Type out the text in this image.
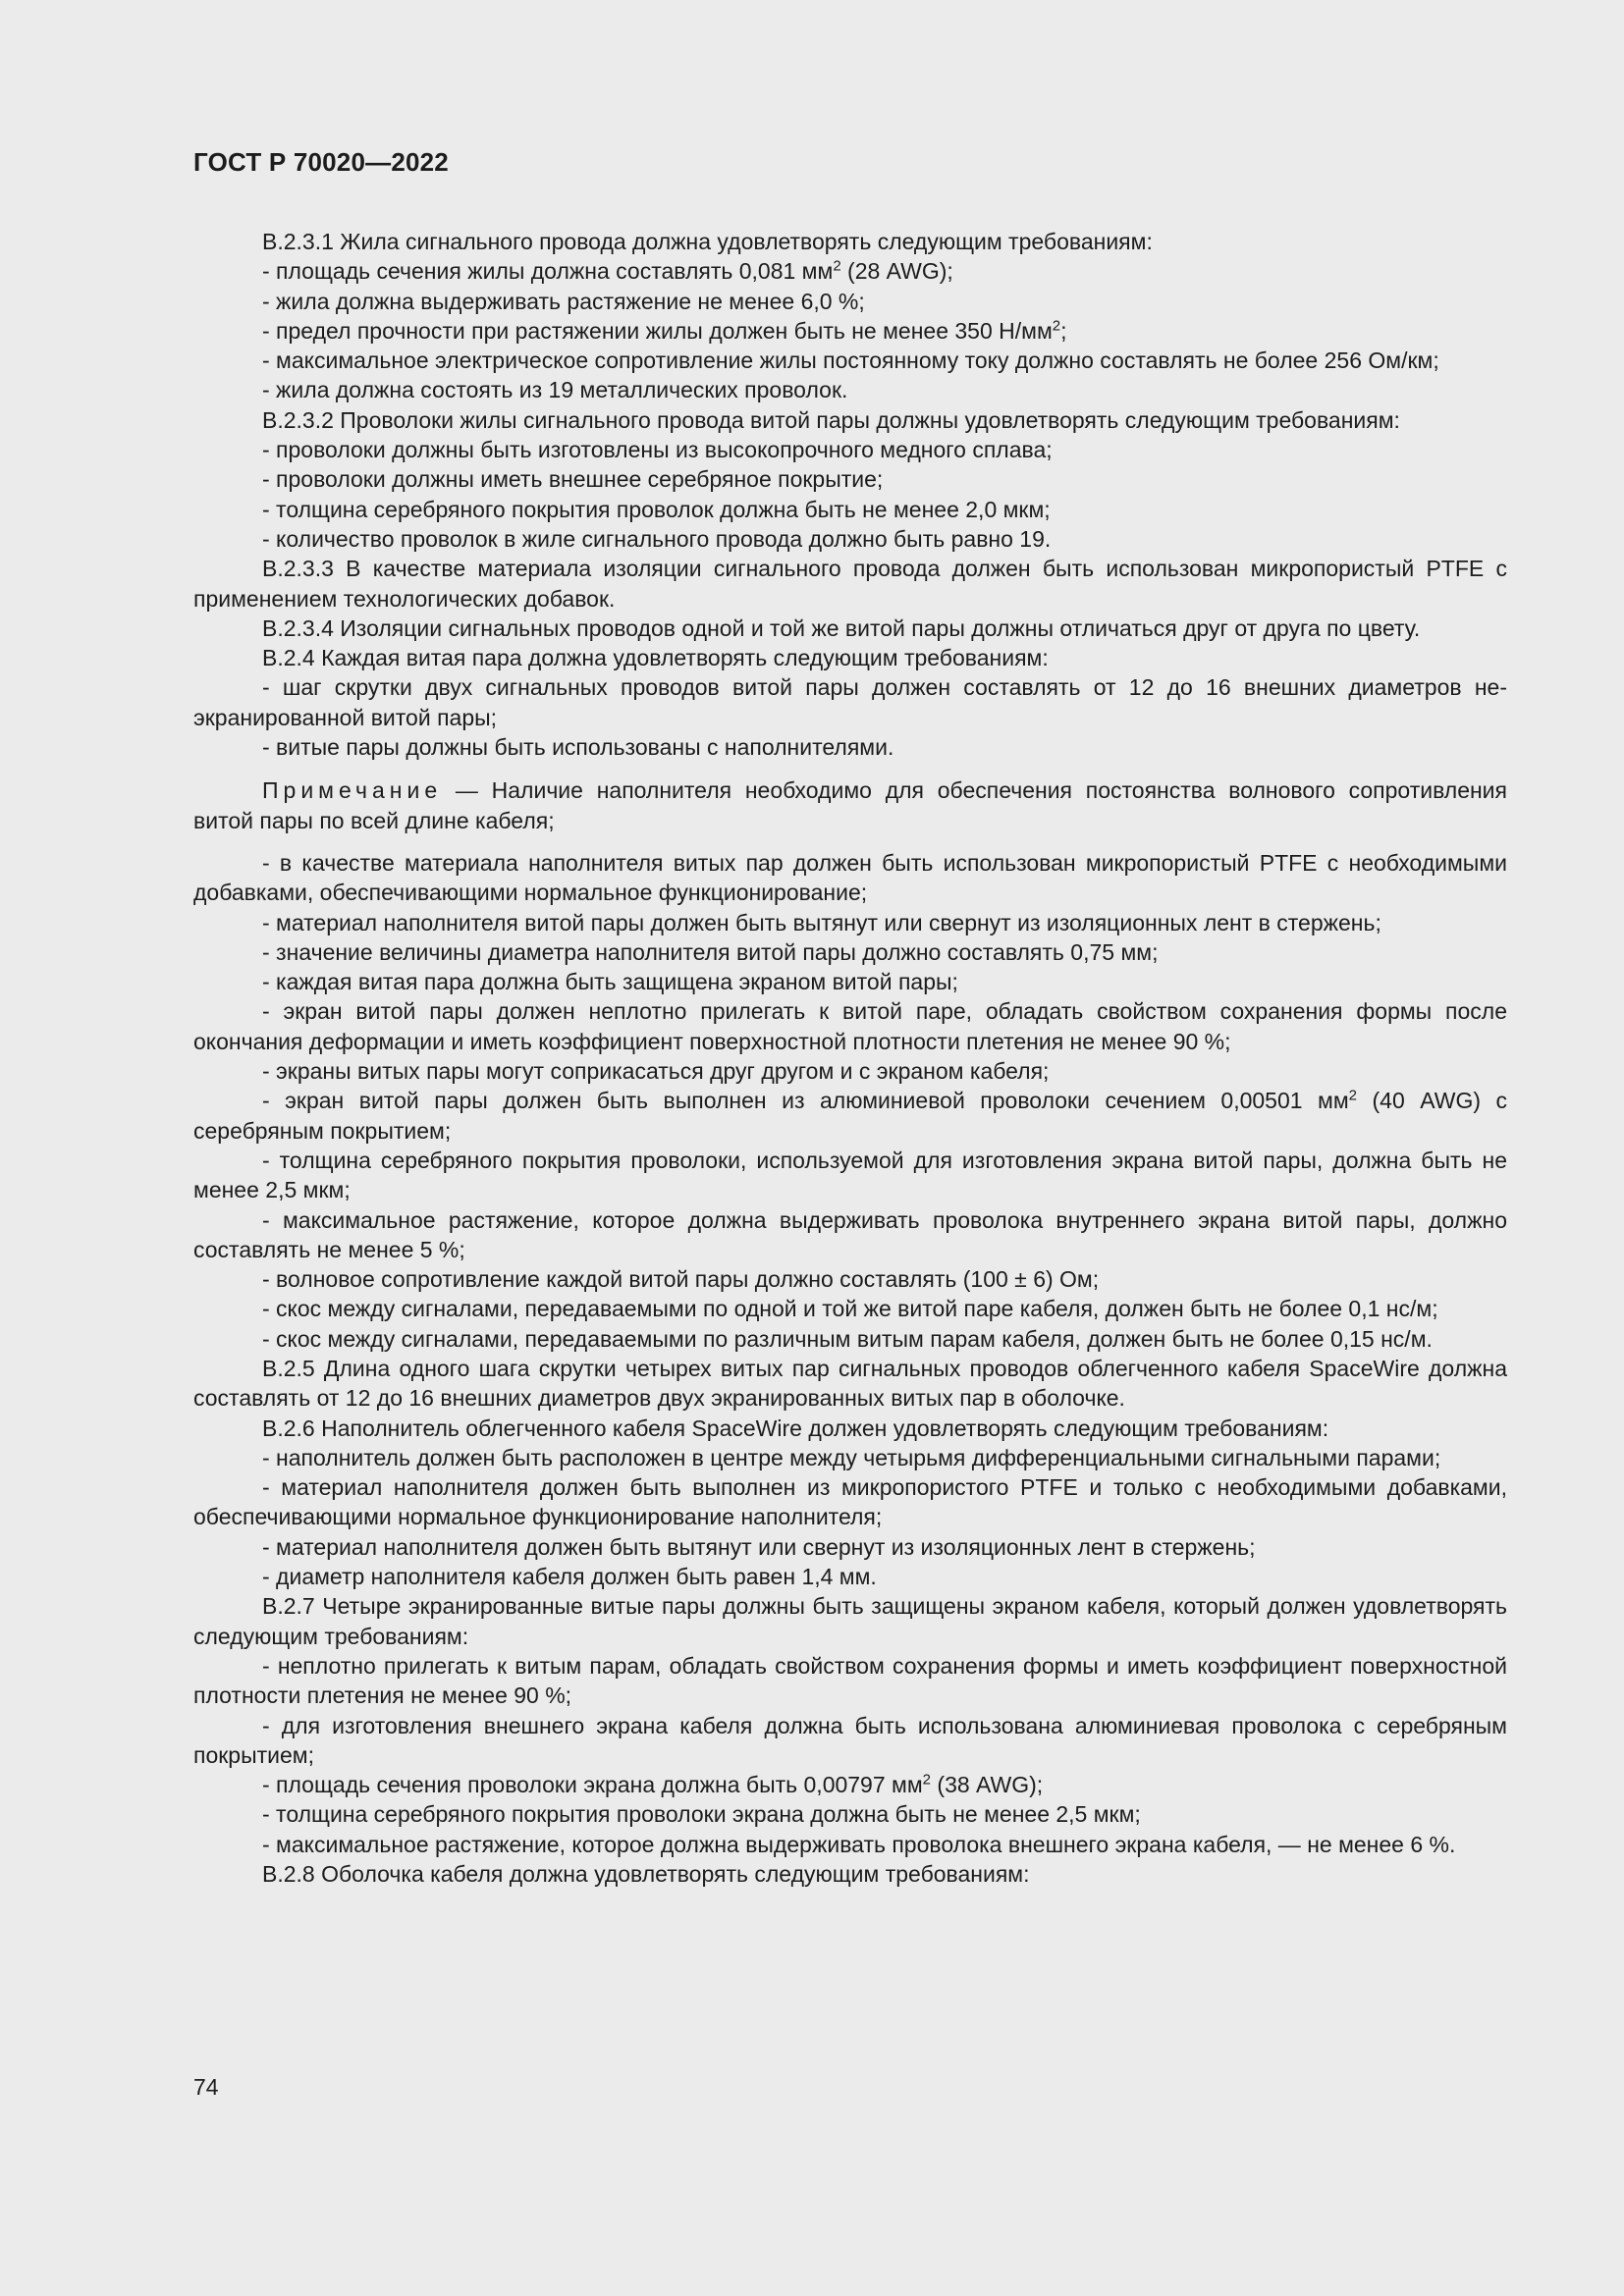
ГОСТ Р 70020—2022

В.2.3.1 Жила сигнального провода должна удовлетворять следующим требованиям:

- площадь сечения жилы должна составлять 0,081 $мм^2$ (28 AWG);

- жила должна выдерживать растяжение не менее 6,0 %;

- предел прочности при растяжении жилы должен быть не менее 350 $Н/мм^2$;

- максимальное электрическое сопротивление жилы постоянному току должно составлять не более 256 Ом/км;

- жила должна состоять из 19 металлических проволок.

В.2.3.2 Проволоки жилы сигнального провода витой пары должны удовлетворять следующим требованиям:

- проволоки должны быть изготовлены из высокопрочного медного сплава;

- проволоки должны иметь внешнее серебряное покрытие;

- толщина серебряного покрытия проволок должна быть не менее 2,0 мкм;

- количество проволок в жиле сигнального провода должно быть равно 19.

В.2.3.3 В качестве материала изоляции сигнального провода должен быть использован микропористый PTFE с применением технологических добавок.

В.2.3.4 Изоляции сигнальных проводов одной и той же витой пары должны отличаться друг от друга по цвету.

В.2.4 Каждая витая пара должна удовлетворять следующим требованиям:

- шаг скрутки двух сигнальных проводов витой пары должен составлять от 12 до 16 внешних диаметров неэкранированной витой пары;

- витые пары должны быть использованы с наполнителями.

Примечание — Наличие наполнителя необходимо для обеспечения постоянства волнового сопротивления витой пары по всей длине кабеля;

- в качестве материала наполнителя витых пар должен быть использован микропористый PTFE с необходимыми добавками, обеспечивающими нормальное функционирование;

- материал наполнителя витой пары должен быть вытянут или свернут из изоляционных лент в стержень;

- значение величины диаметра наполнителя витой пары должно составлять 0,75 мм;

- каждая витая пара должна быть защищена экраном витой пары;

- экран витой пары должен неплотно прилегать к витой паре, обладать свойством сохранения формы после окончания деформации и иметь коэффициент поверхностной плотности плетения не менее 90 %;

- экраны витых пары могут соприкасаться друг другом и с экраном кабеля;

- экран витой пары должен быть выполнен из алюминиевой проволоки сечением 0,00501 $мм^2$ (40 AWG) с серебряным покрытием;

- толщина серебряного покрытия проволоки, используемой для изготовления экрана витой пары, должна быть не менее 2,5 мкм;

- максимальное растяжение, которое должна выдерживать проволока внутреннего экрана витой пары, должно составлять не менее 5 %;

- волновое сопротивление каждой витой пары должно составлять (100 ± 6) Ом;

- скос между сигналами, передаваемыми по одной и той же витой паре кабеля, должен быть не более 0,1 нс/м;

- скос между сигналами, передаваемыми по различным витым парам кабеля, должен быть не более 0,15 нс/м.

В.2.5 Длина одного шага скрутки четырех витых пар сигнальных проводов облегченного кабеля SpaceWire должна составлять от 12 до 16 внешних диаметров двух экранированных витых пар в оболочке.

В.2.6 Наполнитель облегченного кабеля SpaceWire должен удовлетворять следующим требованиям:

- наполнитель должен быть расположен в центре между четырьмя дифференциальными сигнальными парами;

- материал наполнителя должен быть выполнен из микропористого PTFE и только с необходимыми добавками, обеспечивающими нормальное функционирование наполнителя;

- материал наполнителя должен быть вытянут или свернут из изоляционных лент в стержень;

- диаметр наполнителя кабеля должен быть равен 1,4 мм.

В.2.7 Четыре экранированные витые пары должны быть защищены экраном кабеля, который должен удовлетворять следующим требованиям:

- неплотно прилегать к витым парам, обладать свойством сохранения формы и иметь коэффициент поверхностной плотности плетения не менее 90 %;

- для изготовления внешнего экрана кабеля должна быть использована алюминиевая проволока с серебряным покрытием;

- площадь сечения проволоки экрана должна быть 0,00797 $мм^2$ (38 AWG);

- толщина серебряного покрытия проволоки экрана должна быть не менее 2,5 мкм;

- максимальное растяжение, которое должна выдерживать проволока внешнего экрана кабеля, — не менее 6 %.

В.2.8 Оболочка кабеля должна удовлетворять следующим требованиям:

74
